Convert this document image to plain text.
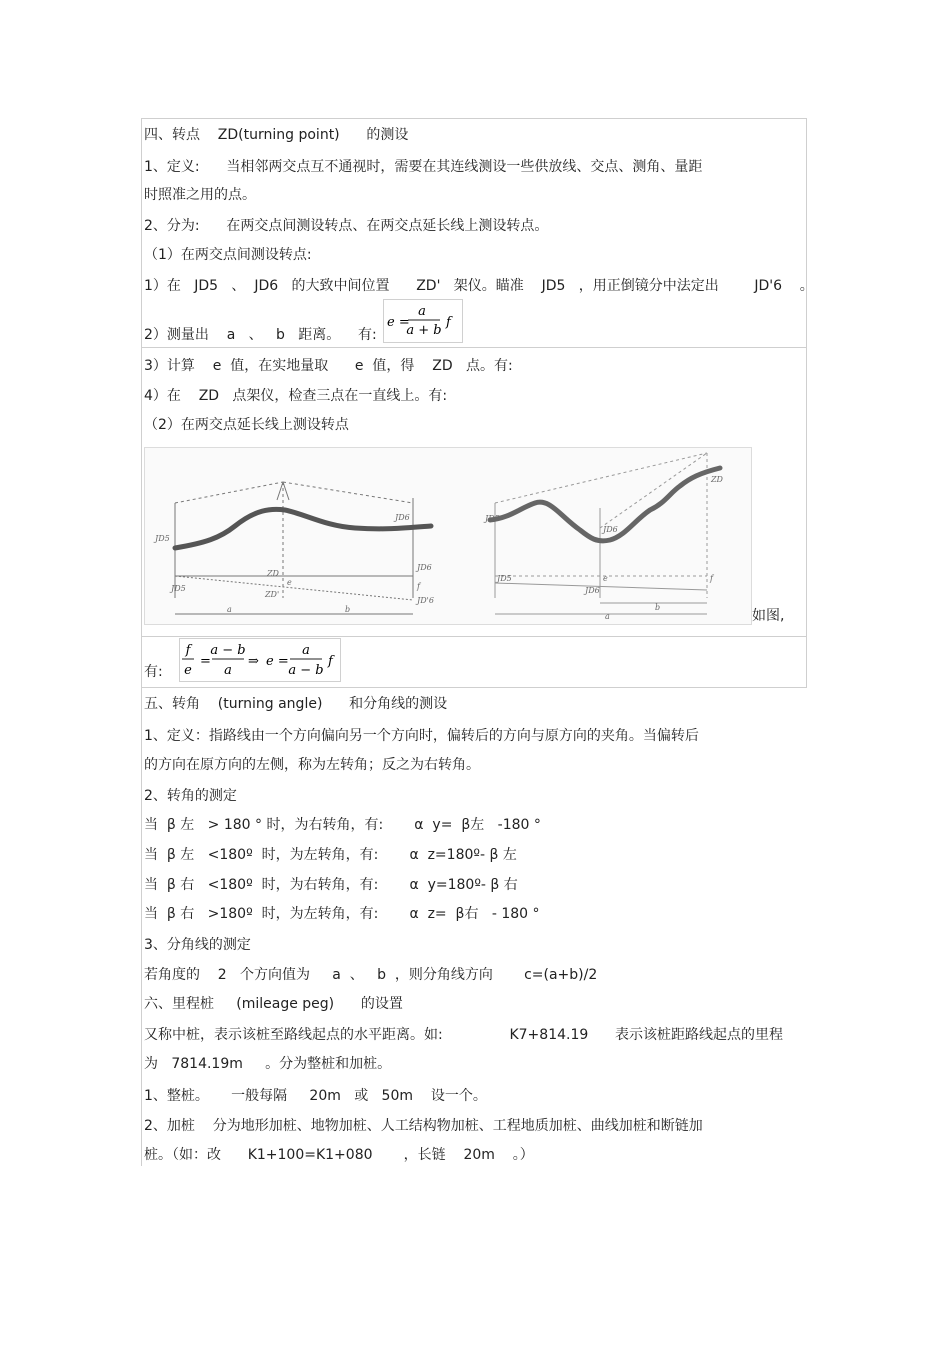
四、转点    ZD(turning point)      的测设
1、定义:      当相邻两交点互不通视时，需要在其连线测设一些供放线、交点、测角、量距
时照准之用的点。
2、分为:      在两交点间测设转点、在两交点延长线上测设转点。
（1）在两交点间测设转点:
1）在   JD5   、  JD6   的大致中间位置      ZD'   架仪。瞄准    JD5   ，用正倒镜分中法定出        JD'6    。
2）测量出    a   、   b   距离。    有:
e =
a
a + b
f
3）计算    e  值，在实地量取      e  值，得    ZD   点。有:
4）在    ZD   点架仪，检查三点在一直线上。有:
（2）在两交点延长线上测设转点
JD5
JD6
ZD
ZD'
JD5
JD6
JD'6
e	f
a	b
ZD
JD5
JD6
JD5
JD6
e	f
a
b
如图,
有:
f
e
=
a − b
a
⇒ e =
a
a − b
f
五、转角    (turning angle)      和分角线的测设
1、定义：指路线由一个方向偏向另一个方向时，偏转后的方向与原方向的夹角。当偏转后
的方向在原方向的左侧，称为左转角；反之为右转角。
2、转角的测定
当  β 左   > 180 ° 时，为右转角，有:       α  y=  β左   -180 °
当  β 左   <180º  时，为左转角，有:       α  z=180º- β 左
当  β 右   <180º  时，为右转角，有:       α  y=180º- β 右
当  β 右   >180º  时，为左转角，有:       α  z=  β右   - 180 °
3、分角线的测定
若角度的    2   个方向值为     a  、   b  ，则分角线方向       c=(a+b)/2
六、里程桩     (mileage peg)      的设置
又称中桩，表示该桩至路线起点的水平距离。如:               K7+814.19      表示该桩距路线起点的里程
为   7814.19m     。分为整桩和加桩。
1、整桩。     一般每隔     20m   或   50m    设一个。
2、加桩    分为地形加桩、地物加桩、人工结构物加桩、工程地质加桩、曲线加桩和断链加
桩。（如：改      K1+100=K1+080       ，长链    20m    。）
